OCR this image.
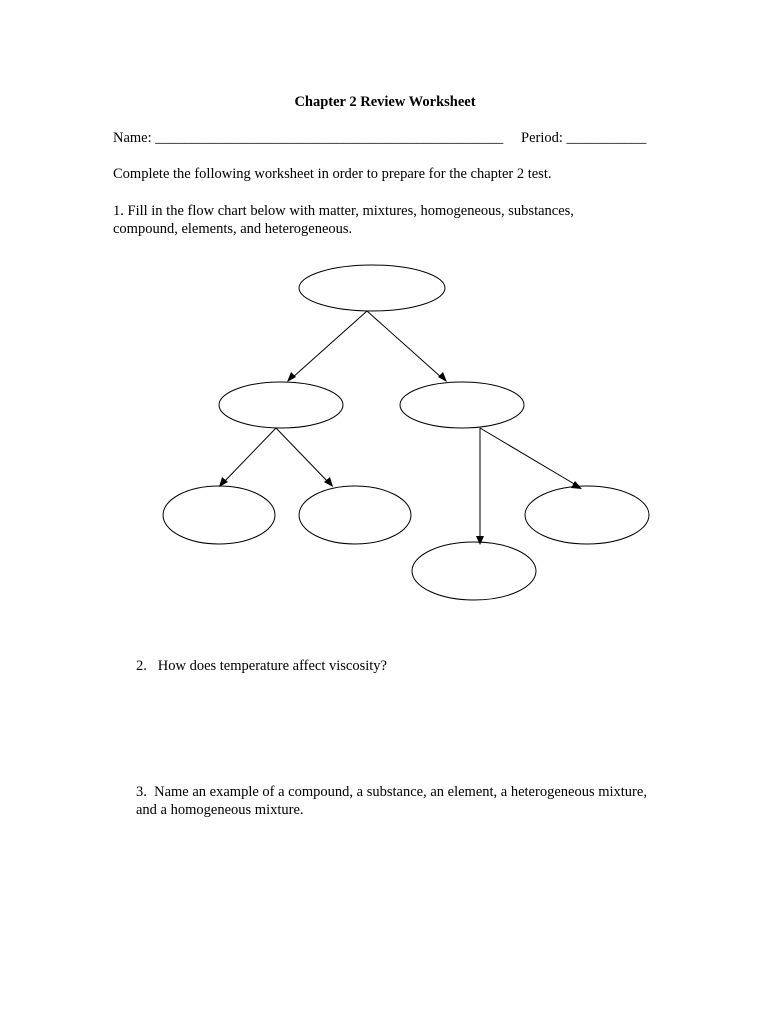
Chapter 2 Review Worksheet
Name: ________________________________________________ Period: ___________
Complete the following worksheet in order to prepare for the chapter 2 test.
1. Fill in the flow chart below with matter, mixtures, homogeneous, substances, compound, elements, and heterogeneous.
2. How does temperature affect viscosity?
3. Name an example of a compound, a substance, an element, a heterogeneous mixture, and a homogeneous mixture.
